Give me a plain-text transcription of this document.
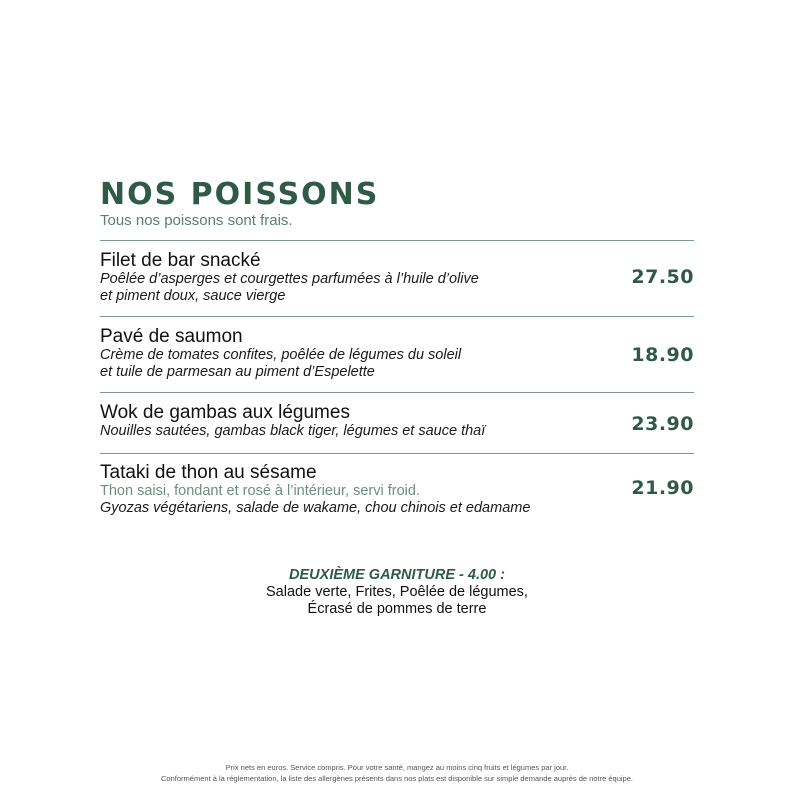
NOS POISSONS

Tous nos poissons sont frais.

Filet de bar snacké
Poêlée d’asperges et courgettes parfumées à l’huile d’olive
et piment doux, sauce vierge
27.50
Pavé de saumon
Crème de tomates confites, poêlée de légumes du soleil
et tuile de parmesan au piment d’Espelette
18.90
Wok de gambas aux légumes
Nouilles sautées, gambas black tiger, légumes et sauce thaï	23.90
Tataki de thon au sésame
Thon saisi, fondant et rosé à l’intérieur, servi froid.
Gyozas végétariens, salade de wakame, chou chinois et edamame
21.90
DEUXIÈME GARNITURE - 4.00 :
Salade verte, Frites, Poêlée de légumes,
Écrasé de pommes de terre
Prix nets en euros. Service compris. Pour votre santé, mangez au moins cinq fruits et légumes par jour.
Conformément à la réglementation, la liste des allergènes présents dans nos plats est disponible sur simple demande auprès de notre équipe.
